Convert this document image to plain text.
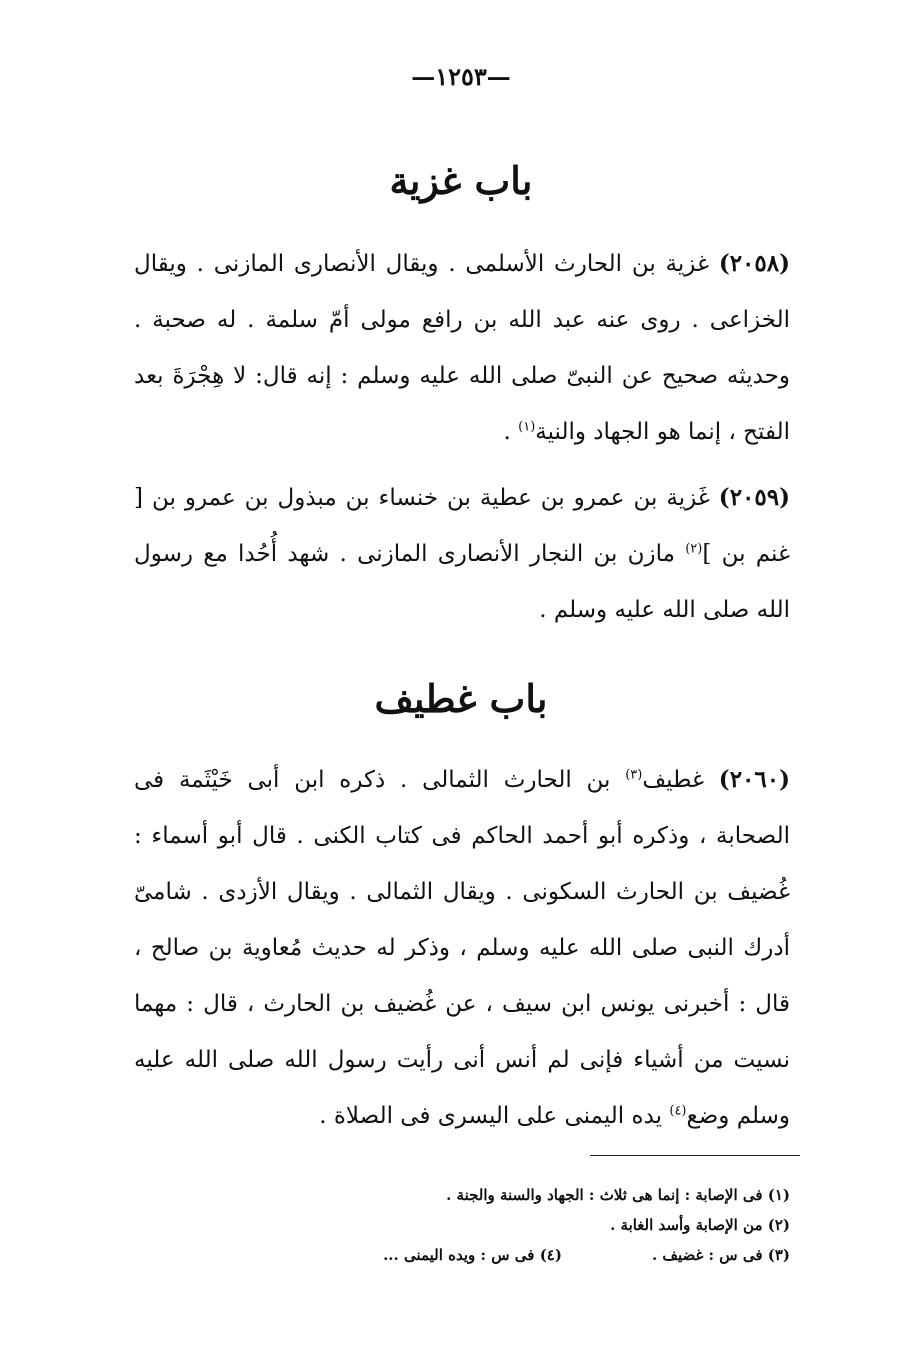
—١٢٥٣—
باب غزية
(٢٠٥٨) غزية بن الحارث الأسلمى . ويقال الأنصارى المازنى . ويقال الخزاعى . روى عنه عبد الله بن رافع مولى أمّ سلمة . له صحبة . وحديثه صحيح عن النبىّ صلى الله عليه وسلم : إنه قال: لا هِجْرَةَ بعد الفتح ، إنما هو الجهاد والنية$^{(١)}$ .
(٢٠٥٩) غَزية بن عمرو بن عطية بن خنساء بن مبذول بن عمرو بن [ غنم بن ]$^{(٢)}$ مازن بن النجار الأنصارى المازنى . شهد أُحُدا مع رسول الله صلى الله عليه وسلم .
باب غطيف
(٢٠٦٠) غطيف$^{(٣)}$ بن الحارث الثمالى . ذكره ابن أبى خَيْثَمة فى الصحابة ، وذكره أبو أحمد الحاكم فى كتاب الكنى . قال أبو أسماء : غُضيف بن الحارث السكونى . ويقال الثمالى . ويقال الأزدى . شامىّ أدرك النبى صلى الله عليه وسلم ، وذكر له حديث مُعاوية بن صالح ، قال : أخبرنى يونس ابن سيف ، عن غُضيف بن الحارث ، قال : مهما نسيت من أشياء فإنى لم أنس أنى رأيت رسول الله صلى الله عليه وسلم وضع$^{(٤)}$ يده اليمنى على اليسرى فى الصلاة .
(١) فى الإصابة : إنما هى ثلاث : الجهاد والسنة والجنة .
(٢) من الإصابة وأسد الغابة .
(٣) فى س : غضيف .
(٤) فى س : ويده اليمنى ...
